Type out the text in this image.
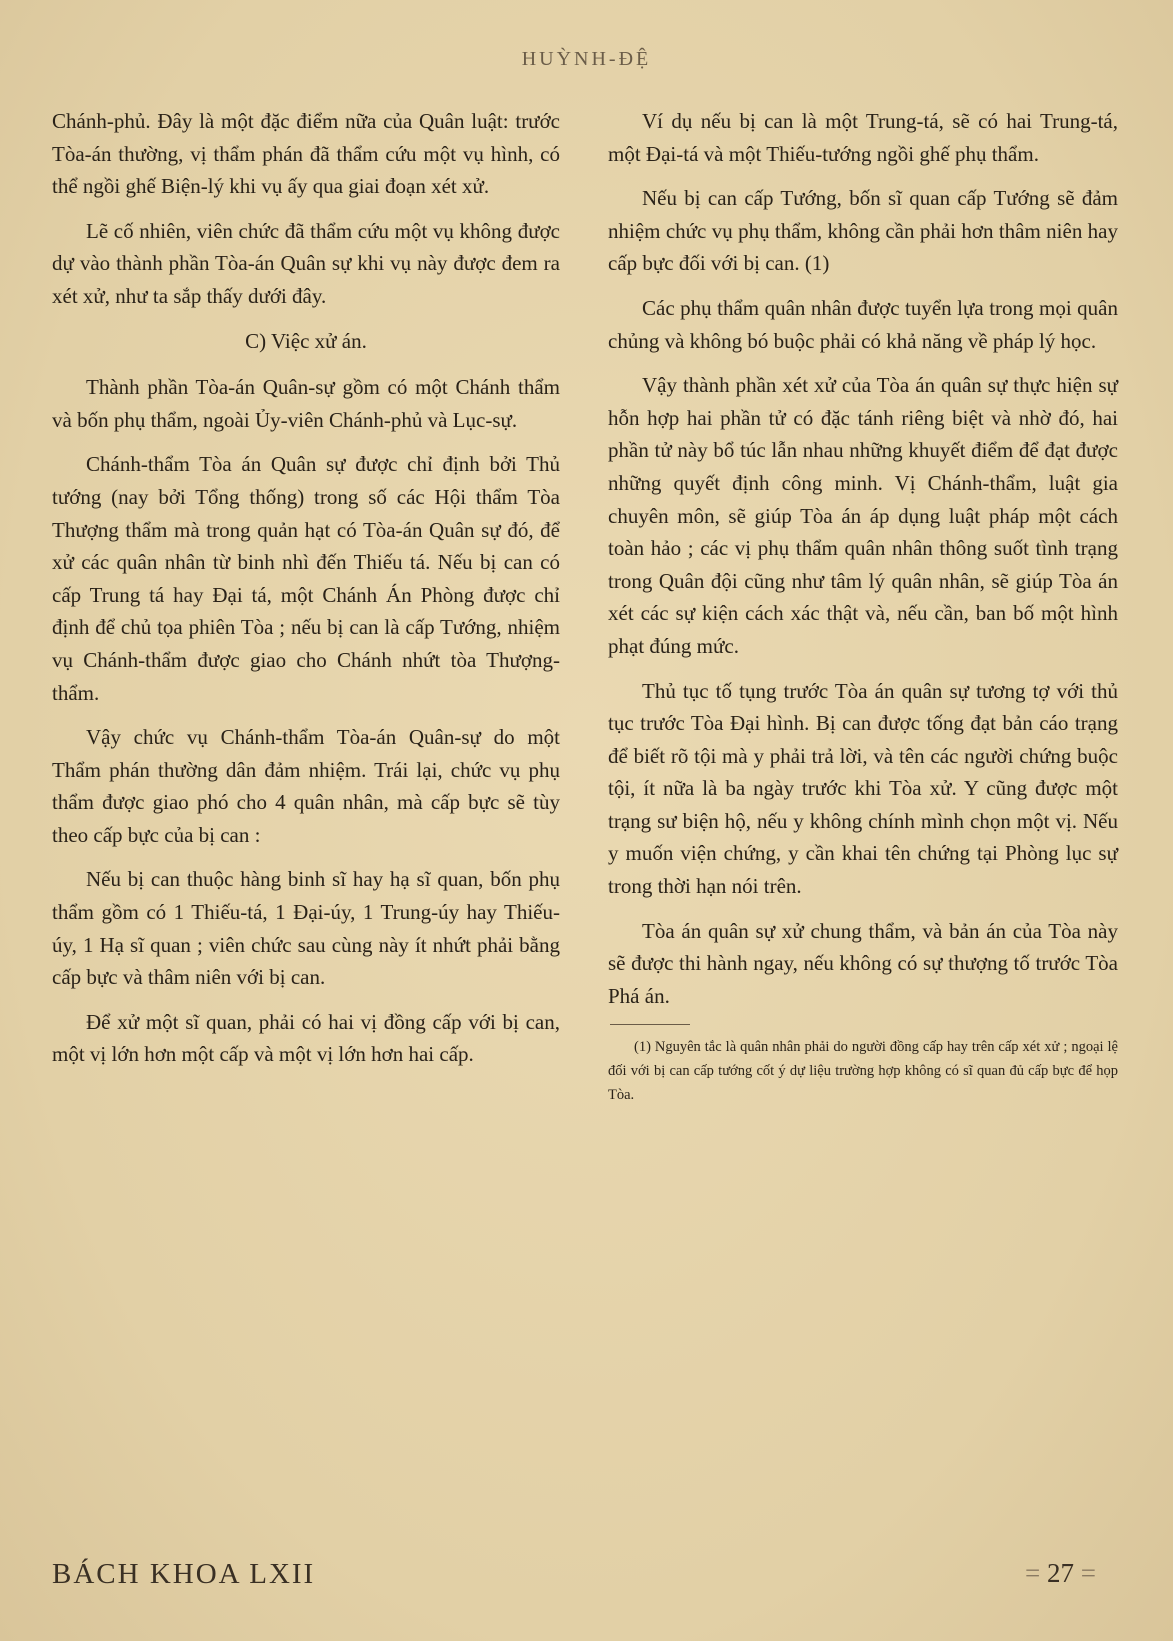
HUỲNH-ĐỆ

Chánh-phủ. Đây là một đặc điểm nữa của Quân luật: trước Tòa-án thường, vị thẩm phán đã thẩm cứu một vụ hình, có thể ngồi ghế Biện-lý khi vụ ấy qua giai đoạn xét xử.

Lẽ cố nhiên, viên chức đã thẩm cứu một vụ không được dự vào thành phần Tòa-án Quân sự khi vụ này được đem ra xét xử, như ta sắp thấy dưới đây.

C) Việc xử án.

Thành phần Tòa-án Quân-sự gồm có một Chánh thẩm và bốn phụ thẩm, ngoài Ủy-viên Chánh-phủ và Lục-sự.

Chánh-thẩm Tòa án Quân sự được chỉ định bởi Thủ tướng (nay bởi Tổng thống) trong số các Hội thẩm Tòa Thượng thẩm mà trong quản hạt có Tòa-án Quân sự đó, để xử các quân nhân từ binh nhì đến Thiếu tá. Nếu bị can có cấp Trung tá hay Đại tá, một Chánh Án Phòng được chỉ định để chủ tọa phiên Tòa ; nếu bị can là cấp Tướng, nhiệm vụ Chánh-thẩm được giao cho Chánh nhứt tòa Thượng-thẩm.

Vậy chức vụ Chánh-thẩm Tòa-án Quân-sự do một Thẩm phán thường dân đảm nhiệm. Trái lại, chức vụ phụ thẩm được giao phó cho 4 quân nhân, mà cấp bực sẽ tùy theo cấp bực của bị can :

Nếu bị can thuộc hàng binh sĩ hay hạ sĩ quan, bốn phụ thẩm gồm có 1 Thiếu-tá, 1 Đại-úy, 1 Trung-úy hay Thiếu-úy, 1 Hạ sĩ quan ; viên chức sau cùng này ít nhứt phải bằng cấp bực và thâm niên với bị can.

Để xử một sĩ quan, phải có hai vị đồng cấp với bị can, một vị lớn hơn một cấp và một vị lớn hơn hai cấp.

Ví dụ nếu bị can là một Trung-tá, sẽ có hai Trung-tá, một Đại-tá và một Thiếu-tướng ngồi ghế phụ thẩm.

Nếu bị can cấp Tướng, bốn sĩ quan cấp Tướng sẽ đảm nhiệm chức vụ phụ thẩm, không cần phải hơn thâm niên hay cấp bực đối với bị can. (1)

Các phụ thẩm quân nhân được tuyển lựa trong mọi quân chủng và không bó buộc phải có khả năng về pháp lý học.

Vậy thành phần xét xử của Tòa án quân sự thực hiện sự hỗn hợp hai phần tử có đặc tánh riêng biệt và nhờ đó, hai phần tử này bổ túc lẫn nhau những khuyết điểm để đạt được những quyết định công minh. Vị Chánh-thẩm, luật gia chuyên môn, sẽ giúp Tòa án áp dụng luật pháp một cách toàn hảo ; các vị phụ thẩm quân nhân thông suốt tình trạng trong Quân đội cũng như tâm lý quân nhân, sẽ giúp Tòa án xét các sự kiện cách xác thật và, nếu cần, ban bố một hình phạt đúng mức.

Thủ tục tố tụng trước Tòa án quân sự tương tợ với thủ tục trước Tòa Đại hình. Bị can được tống đạt bản cáo trạng để biết rõ tội mà y phải trả lời, và tên các người chứng buộc tội, ít nữa là ba ngày trước khi Tòa xử. Y cũng được một trạng sư biện hộ, nếu y không chính mình chọn một vị. Nếu y muốn viện chứng, y cần khai tên chứng tại Phòng lục sự trong thời hạn nói trên.

Tòa án quân sự xử chung thẩm, và bản án của Tòa này sẽ được thi hành ngay, nếu không có sự thượng tố trước Tòa Phá án.

(1) Nguyên tắc là quân nhân phải do người đồng cấp hay trên cấp xét xử ; ngoại lệ đối với bị can cấp tướng cốt ý dự liệu trường hợp không có sĩ quan đủ cấp bực để họp Tòa.

BÁCH KHOA LXII	= 27 =
